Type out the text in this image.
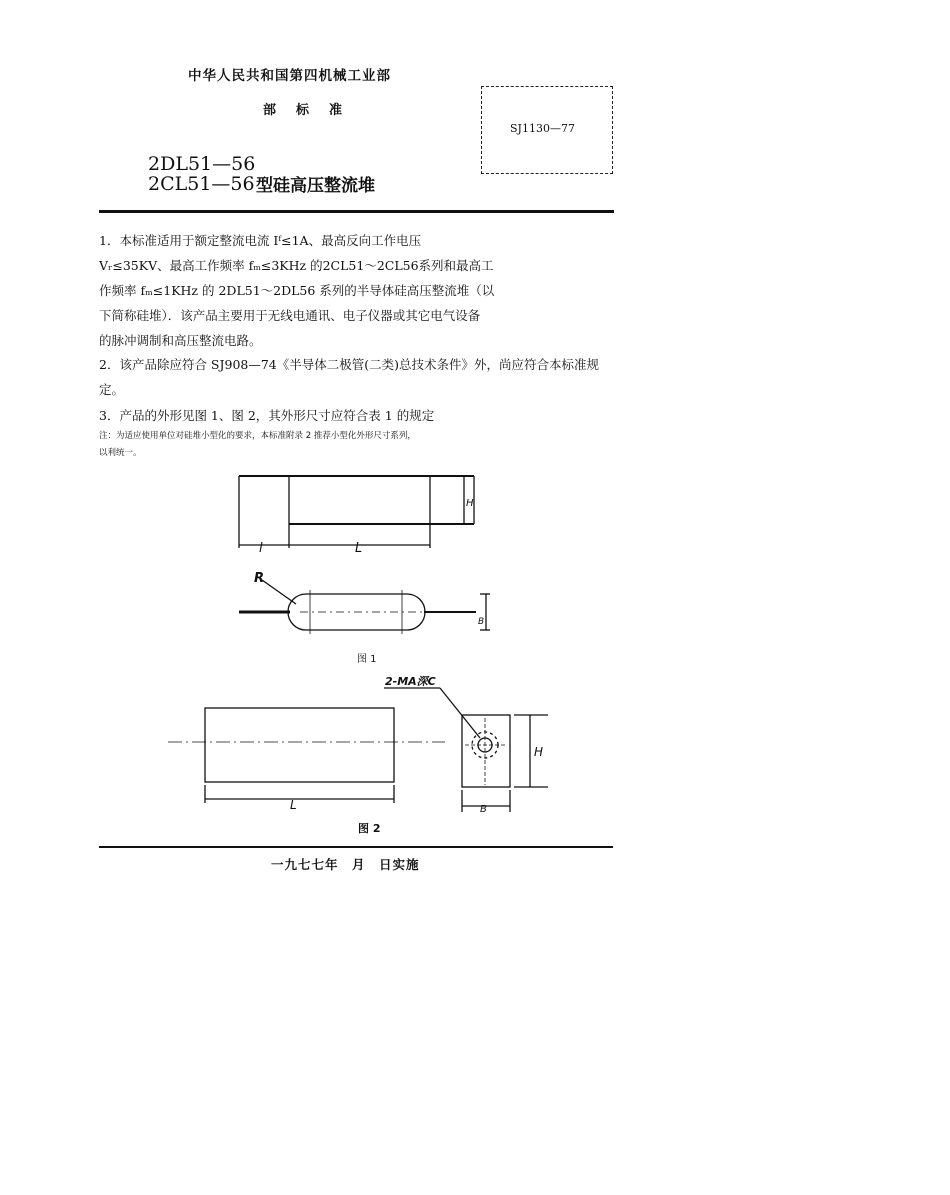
中华人民共和国第四机械工业部
部标准
SJ1130—77
2DL51—56
2CL51—56 型硅高压整流堆
1．本标准适用于额定整流电流 Iᶠ≤1A、最高反向工作电压
Vᵣ≤35KV、最高工作频率 fₘ≤3KHz 的2CL51～2CL56系列和最高工
作频率 fₘ≤1KHz 的 2DL51～2DL56 系列的半导体硅高压整流堆（以
下简称硅堆）．该产品主要用于无线电通讯、电子仪器或其它电气设备
的脉冲调制和高压整流电路。
2．该产品除应符合 SJ908—74《半导体二极管(二类)总技术条件》外，尚应符合本标准规定。
3．产品的外形见图 1、图 2，其外形尺寸应符合表 1 的规定
注：为适应使用单位对硅堆小型化的要求，本标准附录 2 推荐小型化外形尺寸系列，
以利统一。
H
l	L
R
B
2-MA深C
L
H
B
图 1
图 2
一九七七年　月　日实施
